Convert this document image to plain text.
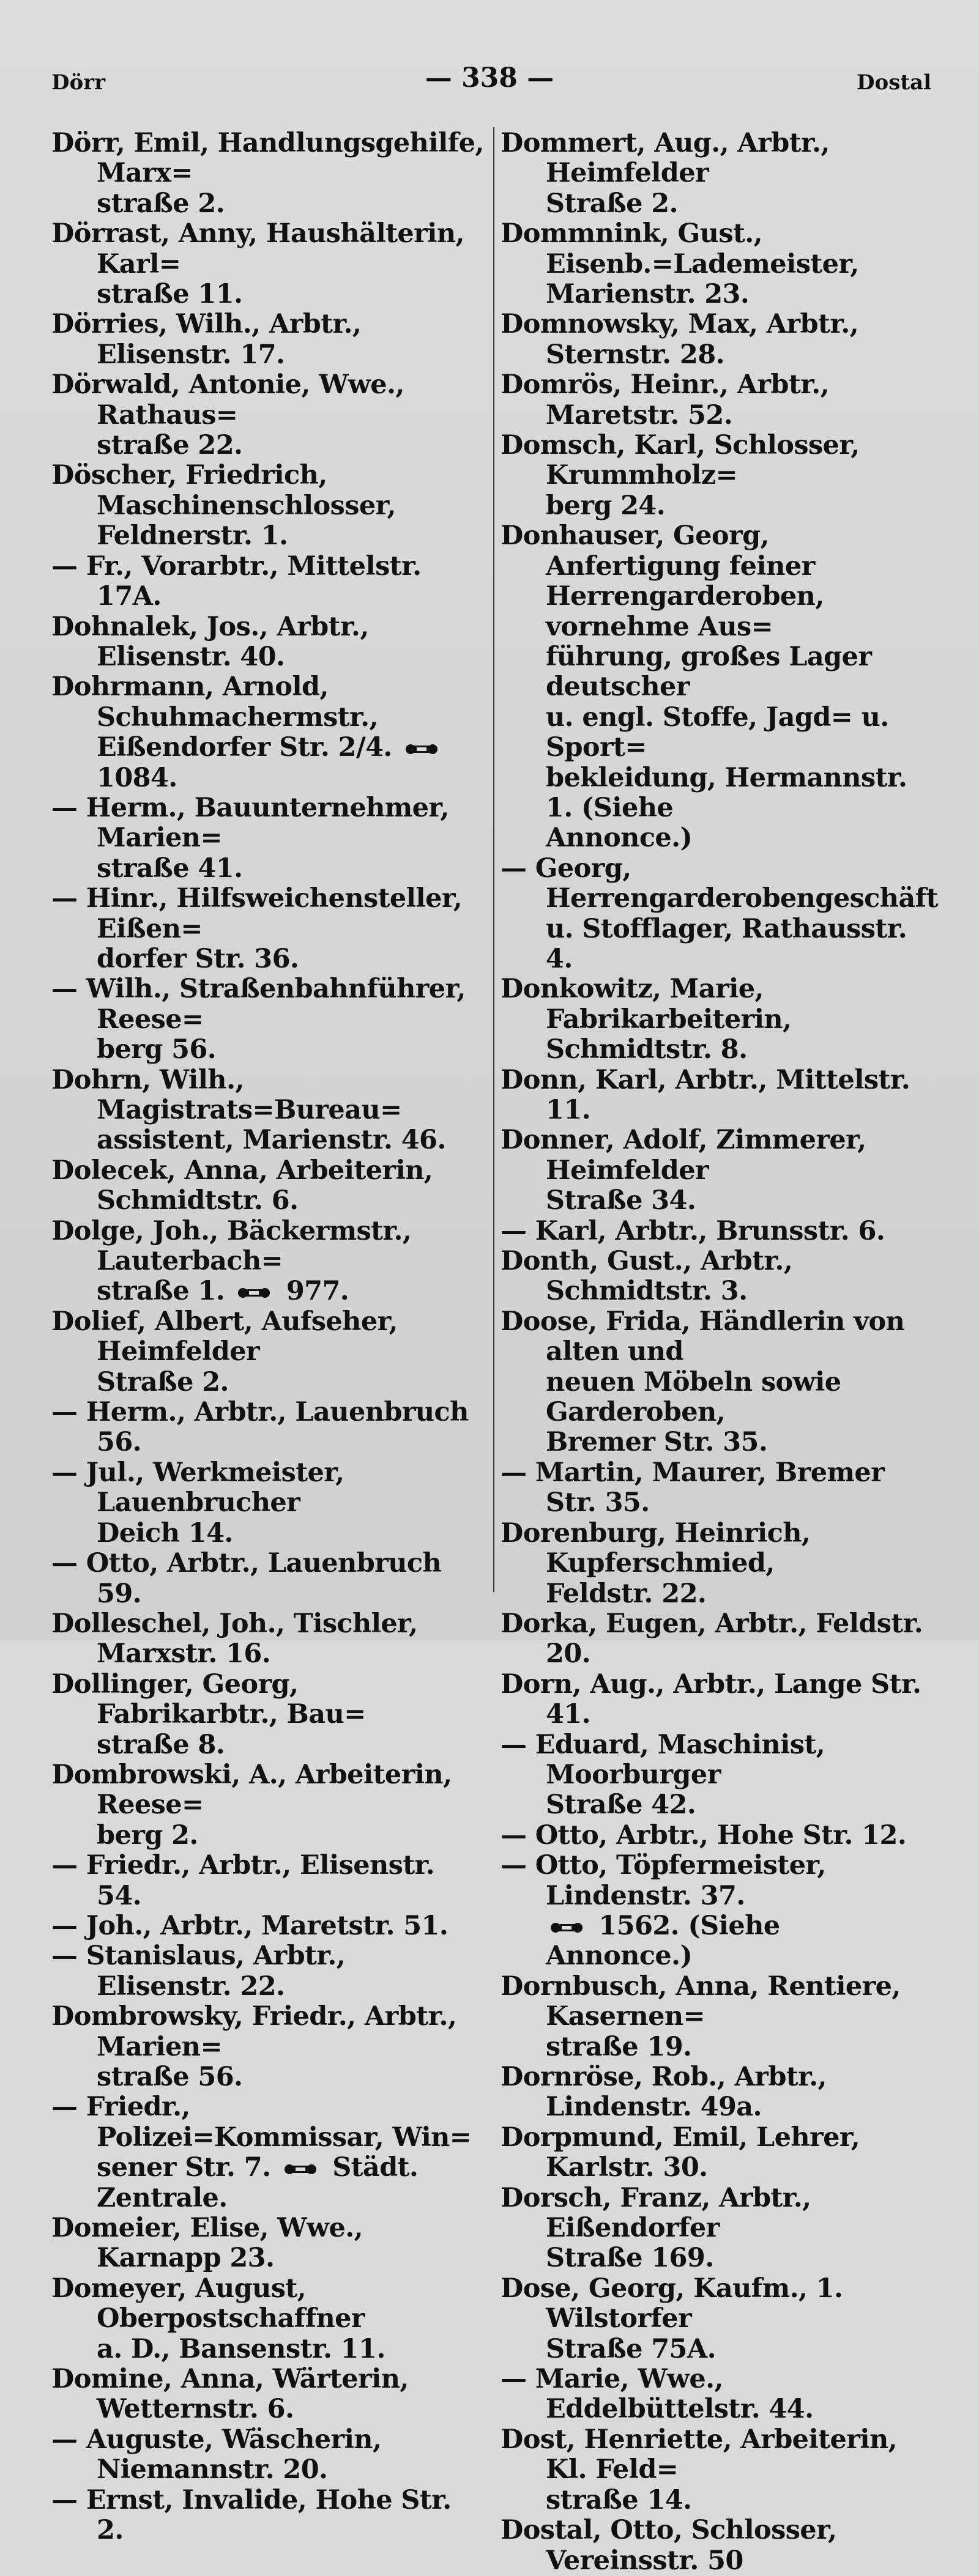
Dörr	— 338 —	Dostal
Dörr, Emil, Handlungsgehilfe, Marx=
straße 2.
Dörrast, Anny, Haushälterin, Karl=
straße 11.
Dörries, Wilh., Arbtr., Elisenstr. 17.
Dörwald, Antonie, Wwe., Rathaus=
straße 22.
Döscher, Friedrich, Maschinenschlosser,
Feldnerstr. 1.
— Fr., Vorarbtr., Mittelstr. 17A.
Dohnalek, Jos., Arbtr., Elisenstr. 40.
Dohrmann, Arnold, Schuhmachermstr.,
Eißendorfer Str. 2/4.  1084.
— Herm., Bauunternehmer, Marien=
straße 41.
— Hinr., Hilfsweichensteller, Eißen=
dorfer Str. 36.
— Wilh., Straßenbahnführer, Reese=
berg 56.
Dohrn, Wilh., Magistrats=Bureau=
assistent, Marienstr. 46.
Dolecek, Anna, Arbeiterin, Schmidtstr. 6.
Dolge, Joh., Bäckermstr., Lauterbach=
straße 1.  977.
Dolief, Albert, Aufseher, Heimfelder
Straße 2.
— Herm., Arbtr., Lauenbruch 56.
— Jul., Werkmeister, Lauenbrucher
Deich 14.
— Otto, Arbtr., Lauenbruch 59.
Dolleschel, Joh., Tischler, Marxstr. 16.
Dollinger, Georg, Fabrikarbtr., Bau=
straße 8.
Dombrowski, A., Arbeiterin, Reese=
berg 2.
— Friedr., Arbtr., Elisenstr. 54.
— Joh., Arbtr., Maretstr. 51.
— Stanislaus, Arbtr., Elisenstr. 22.
Dombrowsky, Friedr., Arbtr., Marien=
straße 56.
— Friedr., Polizei=Kommissar, Win=
sener Str. 7.  Städt. Zentrale.
Domeier, Elise, Wwe., Karnapp 23.
Domeyer, August, Oberpostschaffner
a. D., Bansenstr. 11.
Domine, Anna, Wärterin, Wetternstr. 6.
— Auguste, Wäscherin, Niemannstr. 20.
— Ernst, Invalide, Hohe Str. 2.
Dommert, Aug., Arbtr., Heimfelder
Straße 2.
Dommnink, Gust., Eisenb.=Lademeister,
Marienstr. 23.
Domnowsky, Max, Arbtr., Sternstr. 28.
Domrös, Heinr., Arbtr., Maretstr. 52.
Domsch, Karl, Schlosser, Krummholz=
berg 24.
Donhauser, Georg, Anfertigung feiner
Herrengarderoben, vornehme Aus=
führung, großes Lager deutscher
u. engl. Stoffe, Jagd= u. Sport=
bekleidung, Hermannstr. 1. (Siehe
Annonce.)
— Georg, Herrengarderobengeschäft
u. Stofflager, Rathausstr. 4.
Donkowitz, Marie, Fabrikarbeiterin,
Schmidtstr. 8.
Donn, Karl, Arbtr., Mittelstr. 11.
Donner, Adolf, Zimmerer, Heimfelder
Straße 34.
— Karl, Arbtr., Brunsstr. 6.
Donth, Gust., Arbtr., Schmidtstr. 3.
Doose, Frida, Händlerin von alten und
neuen Möbeln sowie Garderoben,
Bremer Str. 35.
— Martin, Maurer, Bremer Str. 35.
Dorenburg, Heinrich, Kupferschmied,
Feldstr. 22.
Dorka, Eugen, Arbtr., Feldstr. 20.
Dorn, Aug., Arbtr., Lange Str. 41.
— Eduard, Maschinist, Moorburger
Straße 42.
— Otto, Arbtr., Hohe Str. 12.
— Otto, Töpfermeister, Lindenstr. 37.
1562. (Siehe Annonce.)
Dornbusch, Anna, Rentiere, Kasernen=
straße 19.
Dornröse, Rob., Arbtr., Lindenstr. 49a.
Dorpmund, Emil, Lehrer, Karlstr. 30.
Dorsch, Franz, Arbtr., Eißendorfer
Straße 169.
Dose, Georg, Kaufm., 1. Wilstorfer
Straße 75A.
— Marie, Wwe., Eddelbüttelstr. 44.
Dost, Henriette, Arbeiterin, Kl. Feld=
straße 14.
Dostal, Otto, Schlosser, Vereinsstr. 50
